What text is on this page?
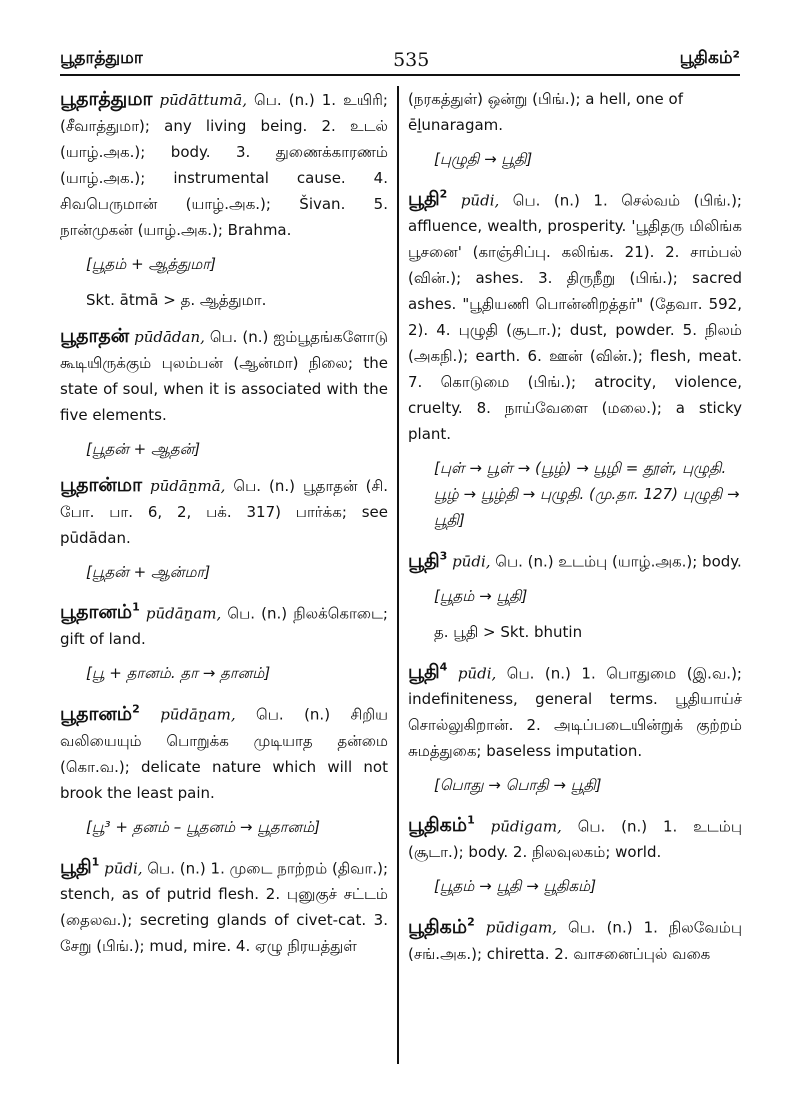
பூதாத்துமா	535	பூதிகம்²
பூதாத்துமா pūdāttumā, பெ. (n.) 1. உயிரி; (சீவாத்துமா); any living being. 2. உடல் (யாழ்.அக.); body. 3. துணைக்காரணம் (யாழ்.அக.); instrumental cause. 4. சிவபெருமான் (யாழ்.அக.); Šivan. 5. நான்முகன் (யாழ்.அக.); Brahma.
[பூதம் + ஆத்துமா]
Skt. ātmā > த. ஆத்துமா.
பூதாதன் pūdādan, பெ. (n.) ஐம்பூதங்களோடு கூடியிருக்கும் புலம்பன் (ஆன்மா) நிலை; the state of soul, when it is associated with the five elements.
[பூதன் + ஆதன்]
பூதான்மா pūdāṉmā, பெ. (n.) பூதாதன் (சி. போ. பா. 6, 2, பக். 317) பார்க்க; see pūdādan.
[பூதன் + ஆன்மா]
பூதானம்$^1$ pūdāṉam, பெ. (n.) நிலக்கொடை; gift of land.
[பூ + தானம். தா → தானம்]
பூதானம்$^2$ pūdāṉam, பெ. (n.) சிறிய வலியையும் பொறுக்க முடியாத தன்மை (கொ.வ.); delicate nature which will not brook the least pain.
[பூ³ + தனம் – பூதனம் → பூதானம்]
பூதி$^1$ pūdi, பெ. (n.) 1. முடை நாற்றம் (திவா.); stench, as of putrid flesh. 2. புனுகுச் சட்டம் (தைலவ.); secreting glands of civet-cat. 3. சேறு (பிங்.); mud, mire. 4. ஏழு நிரயத்துள்
(நரகத்துள்) ஒன்று (பிங்.); a hell, one of ēḻunaragam.
[புழுதி → பூதி]
பூதி$^2$ pūdi, பெ. (n.) 1. செல்வம் (பிங்.); affluence, wealth, prosperity. 'பூதிதரு மிலிங்க பூசனை' (காஞ்சிப்பு. கலிங்க. 21). 2. சாம்பல் (வின்.); ashes. 3. திருநீறு (பிங்.); sacred ashes. "பூதியணி பொன்னிறத்தர்" (தேவா. 592, 2). 4. புழுதி (சூடா.); dust, powder. 5. நிலம் (அகநி.); earth. 6. ஊன் (வின்.); flesh, meat. 7. கொடுமை (பிங்.); atrocity, violence, cruelty. 8. நாய்வேளை (மலை.); a sticky plant.
[புள் → பூள் → (பூழ்) → பூழி = தூள், புழுதி. பூழ் → பூழ்தி → புழுதி. (மு.தா. 127) புழுதி → பூதி]
பூதி$^3$ pūdi, பெ. (n.) உடம்பு (யாழ்.அக.); body.
[பூதம் → பூதி]
த. பூதி > Skt. bhutin
பூதி$^4$ pūdi, பெ. (n.) 1. பொதுமை (இ.வ.); indefiniteness, general terms. பூதியாய்ச் சொல்லுகிறான். 2. அடிப்படையின்றுக் குற்றம் சுமத்துகை; baseless imputation.
[பொது → பொதி → பூதி]
பூதிகம்$^1$ pūdigam, பெ. (n.) 1. உடம்பு (சூடா.); body. 2. நிலவுலகம்; world.
[பூதம் → பூதி → பூதிகம்]
பூதிகம்$^2$ pūdigam, பெ. (n.) 1. நிலவேம்பு (சங்.அக.); chiretta. 2. வாசனைப்புல் வகை
